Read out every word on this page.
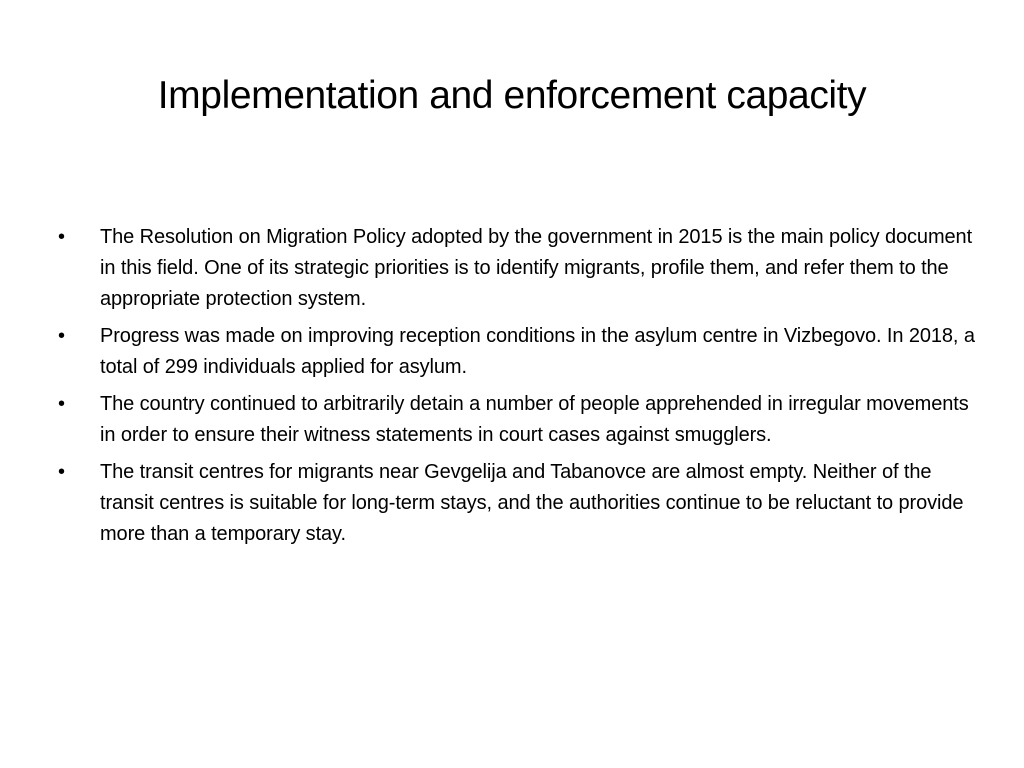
Implementation and enforcement capacity
•	The Resolution on Migration Policy adopted by the government in 2015 is the main policy document in this field. One of its strategic priorities is to identify migrants, profile them, and refer them to the appropriate protection system.
•	Progress was made on improving reception conditions in the asylum centre in Vizbegovo. In 2018, a total of 299 individuals applied for asylum.
•	The country continued to arbitrarily detain a number of people apprehended in irregular movements in order to ensure their witness statements in court cases against smugglers.
•	The transit centres for migrants near Gevgelija and Tabanovce are almost empty. Neither of the transit centres is suitable for long-term stays, and the authorities continue to be reluctant to provide more than a temporary stay.
